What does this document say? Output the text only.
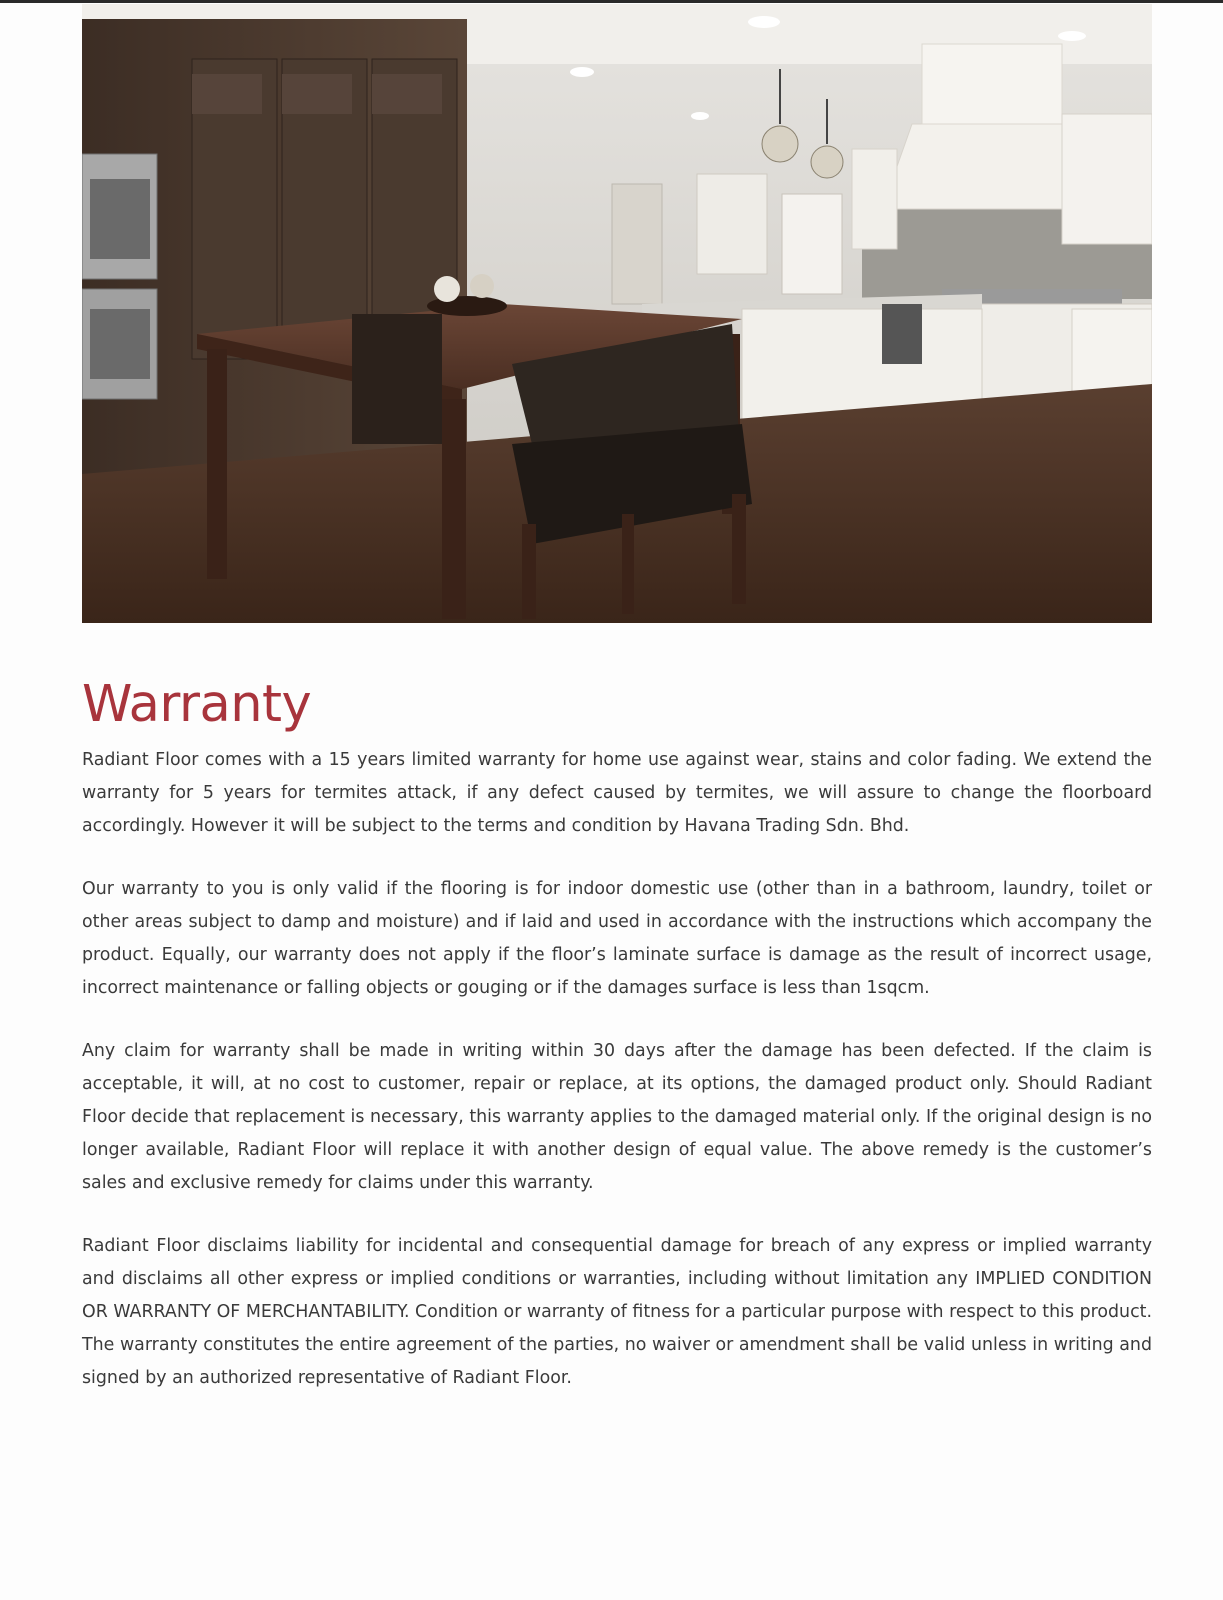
Warranty

Radiant Floor comes with a 15 years limited warranty for home use against wear, stains and color fading. We extend the warranty for 5 years for termites attack, if any defect caused by termites, we will assure to change the floorboard accordingly. However it will be subject to the terms and condition by Havana Trading Sdn. Bhd.

Our warranty to you is only valid if the flooring is for indoor domestic use (other than in a bathroom, laundry, toilet or other areas subject to damp and moisture) and if laid and used in accordance with the instructions which accompany the product. Equally, our warranty does not apply if the floor’s laminate surface is damage as the result of incorrect usage, incorrect maintenance or falling objects or gouging or if the damages surface is less than 1sqcm.

Any claim for warranty shall be made in writing within 30 days after the damage has been defected. If the claim is acceptable, it will, at no cost to customer, repair or replace, at its options, the damaged product only. Should Radiant Floor decide that replacement is necessary, this warranty applies to the damaged material only. If the original design is no longer available, Radiant Floor will replace it with another design of equal value. The above remedy is the customer’s sales and exclusive remedy for claims under this warranty.

Radiant Floor disclaims liability for incidental and consequential damage for breach of any express or implied warranty and disclaims all other express or implied conditions or warranties, including without limitation any IMPLIED CONDITION OR WARRANTY OF MERCHANTABILITY. Condition or warranty of fitness for a particular purpose with respect to this product. The warranty constitutes the entire agreement of the parties, no waiver or amendment shall be valid unless in writing and signed by an authorized representative of Radiant Floor.
